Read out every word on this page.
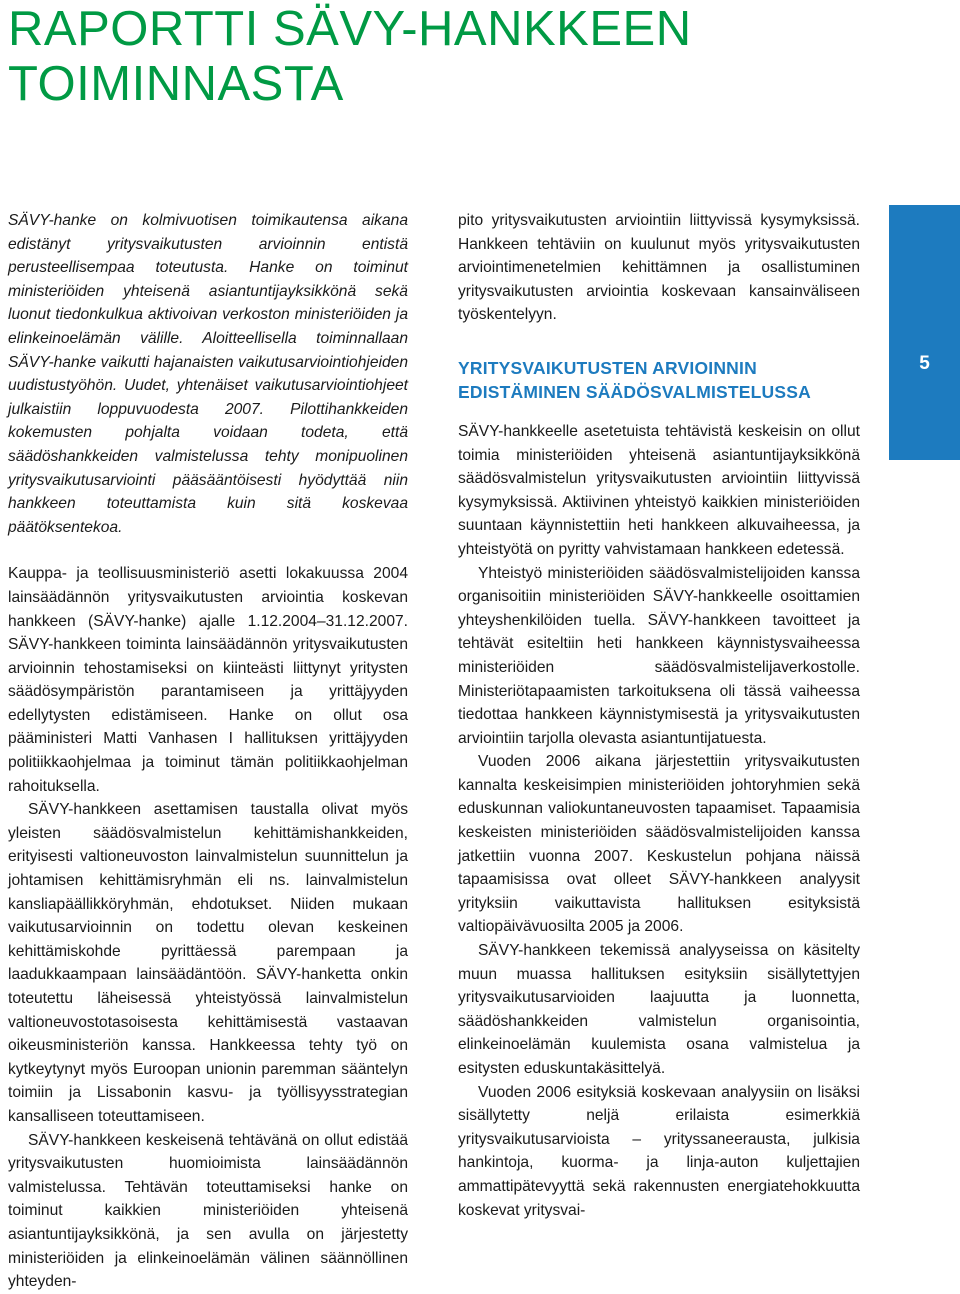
RAPORTTI SÄVY-HANKKEEN
TOIMINNASTA

SÄVY-hanke on kolmivuotisen toimikautensa aikana edistänyt yritysvaikutusten arvioinnin entistä perusteellisempaa toteutusta. Hanke on toiminut ministeriöiden yhteisenä asiantuntijayksikkönä sekä luonut tiedonkulkua aktivoivan verkoston ministeriöiden ja elinkeinoelämän välille. Aloitteellisella toiminnallaan SÄVY-hanke vaikutti hajanaisten vaikutusarviointiohjeiden uudistustyöhön. Uudet, yhtenäiset vaikutusarviointiohjeet julkaistiin loppuvuodesta 2007. Pilottihankkeiden kokemusten pohjalta voidaan todeta, että säädöshankkeiden valmistelussa tehty monipuolinen yritysvaikutusarviointi pääsääntöisesti hyödyttää niin hankkeen toteuttamista kuin sitä koskevaa päätöksentekoa.

Kauppa- ja teollisuusministeriö asetti lokakuussa 2004 lainsäädännön yritysvaikutusten arviointia koskevan hankkeen (SÄVY-hanke) ajalle 1.12.2004–31.12.2007. SÄVY-hankkeen toiminta lainsäädännön yritysvaikutusten arvioinnin tehostamiseksi on kiinteästi liittynyt yritysten säädösympäristön parantamiseen ja yrittäjyyden edellytysten edistämiseen. Hanke on ollut osa pääministeri Matti Vanhasen I hallituksen yrittäjyyden politiikkaohjelmaa ja toiminut tämän politiikkaohjelman rahoituksella.

SÄVY-hankkeen asettamisen taustalla olivat myös yleisten säädösvalmistelun kehittämishankkeiden, erityisesti valtioneuvoston lainvalmistelun suunnittelun ja johtamisen kehittämisryhmän eli ns. lainvalmistelun kansliapäällikköryhmän, ehdotukset. Niiden mukaan vaikutusarvioinnin on todettu olevan keskeinen kehittämiskohde pyrittäessä parempaan ja laadukkaampaan lainsäädäntöön. SÄVY-hanketta onkin toteutettu läheisessä yhteistyössä lainvalmistelun valtioneuvostotasoisesta kehittämisestä vastaavan oikeusministeriön kanssa. Hankkeessa tehty työ on kytkeytynyt myös Euroopan unionin paremman sääntelyn toimiin ja Lissabonin kasvu- ja työllisyysstrategian kansalliseen toteuttamiseen.

SÄVY-hankkeen keskeisenä tehtävänä on ollut edistää yritysvaikutusten huomioimista lainsäädännön valmistelussa. Tehtävän toteuttamiseksi hanke on toiminut kaikkien ministeriöiden yhteisenä asiantuntijayksikkönä, ja sen avulla on järjestetty ministeriöiden ja elinkeinoelämän välinen säännöllinen yhteyden-

pito yritysvaikutusten arviointiin liittyvissä kysymyksissä. Hankkeen tehtäviin on kuulunut myös yritysvaikutusten arviointimenetelmien kehittämnen ja osallistuminen yritysvaikutusten arviointia koskevaan kansainväliseen työskentelyyn.

YRITYSVAIKUTUSTEN ARVIOINNIN
EDISTÄMINEN SÄÄDÖSVALMISTELUSSA

SÄVY-hankkeelle asetetuista tehtävistä keskeisin on ollut toimia ministeriöiden yhteisenä asiantuntijayksikkönä säädösvalmistelun yritysvaikutusten arviointiin liittyvissä kysymyksissä. Aktiivinen yhteistyö kaikkien ministeriöiden suuntaan käynnistettiin heti hankkeen alkuvaiheessa, ja yhteistyötä on pyritty vahvistamaan hankkeen edetessä.

Yhteistyö ministeriöiden säädösvalmistelijoiden kanssa organisoitiin ministeriöiden SÄVY-hankkeelle osoittamien yhteyshenkilöiden tuella. SÄVY-hankkeen tavoitteet ja tehtävät esiteltiin heti hankkeen käynnistysvaiheessa ministeriöiden säädösvalmistelijaverkostolle. Ministeriötapaamisten tarkoituksena oli tässä vaiheessa tiedottaa hankkeen käynnistymisestä ja yritysvaikutusten arviointiin tarjolla olevasta asiantuntijatuesta.

Vuoden 2006 aikana järjestettiin yritysvaikutusten kannalta keskeisimpien ministeriöiden johtoryhmien sekä eduskunnan valiokuntaneuvosten tapaamiset. Tapaamisia keskeisten ministeriöiden säädösvalmistelijoiden kanssa jatkettiin vuonna 2007. Keskustelun pohjana näissä tapaamisissa ovat olleet SÄVY-hankkeen analyysit yrityksiin vaikuttavista hallituksen esityksistä valtiopäivävuosilta 2005 ja 2006.

SÄVY-hankkeen tekemissä analyyseissa on käsitelty muun muassa hallituksen esityksiin sisällytettyjen yritysvaikutusarvioiden laajuutta ja luonnetta, säädöshankkeiden valmistelun organisointia, elinkeinoelämän kuulemista osana valmistelua ja esitysten eduskuntakäsittelyä.

Vuoden 2006 esityksiä koskevaan analyysiin on lisäksi sisällytetty neljä erilaista esimerkkiä yritysvaikutusarvioista – yrityssaneerausta, julkisia hankintoja, kuorma- ja linja-auton kuljettajien ammattipätevyyttä sekä rakennusten energiatehokkuutta koskevat yritysvai-

5
